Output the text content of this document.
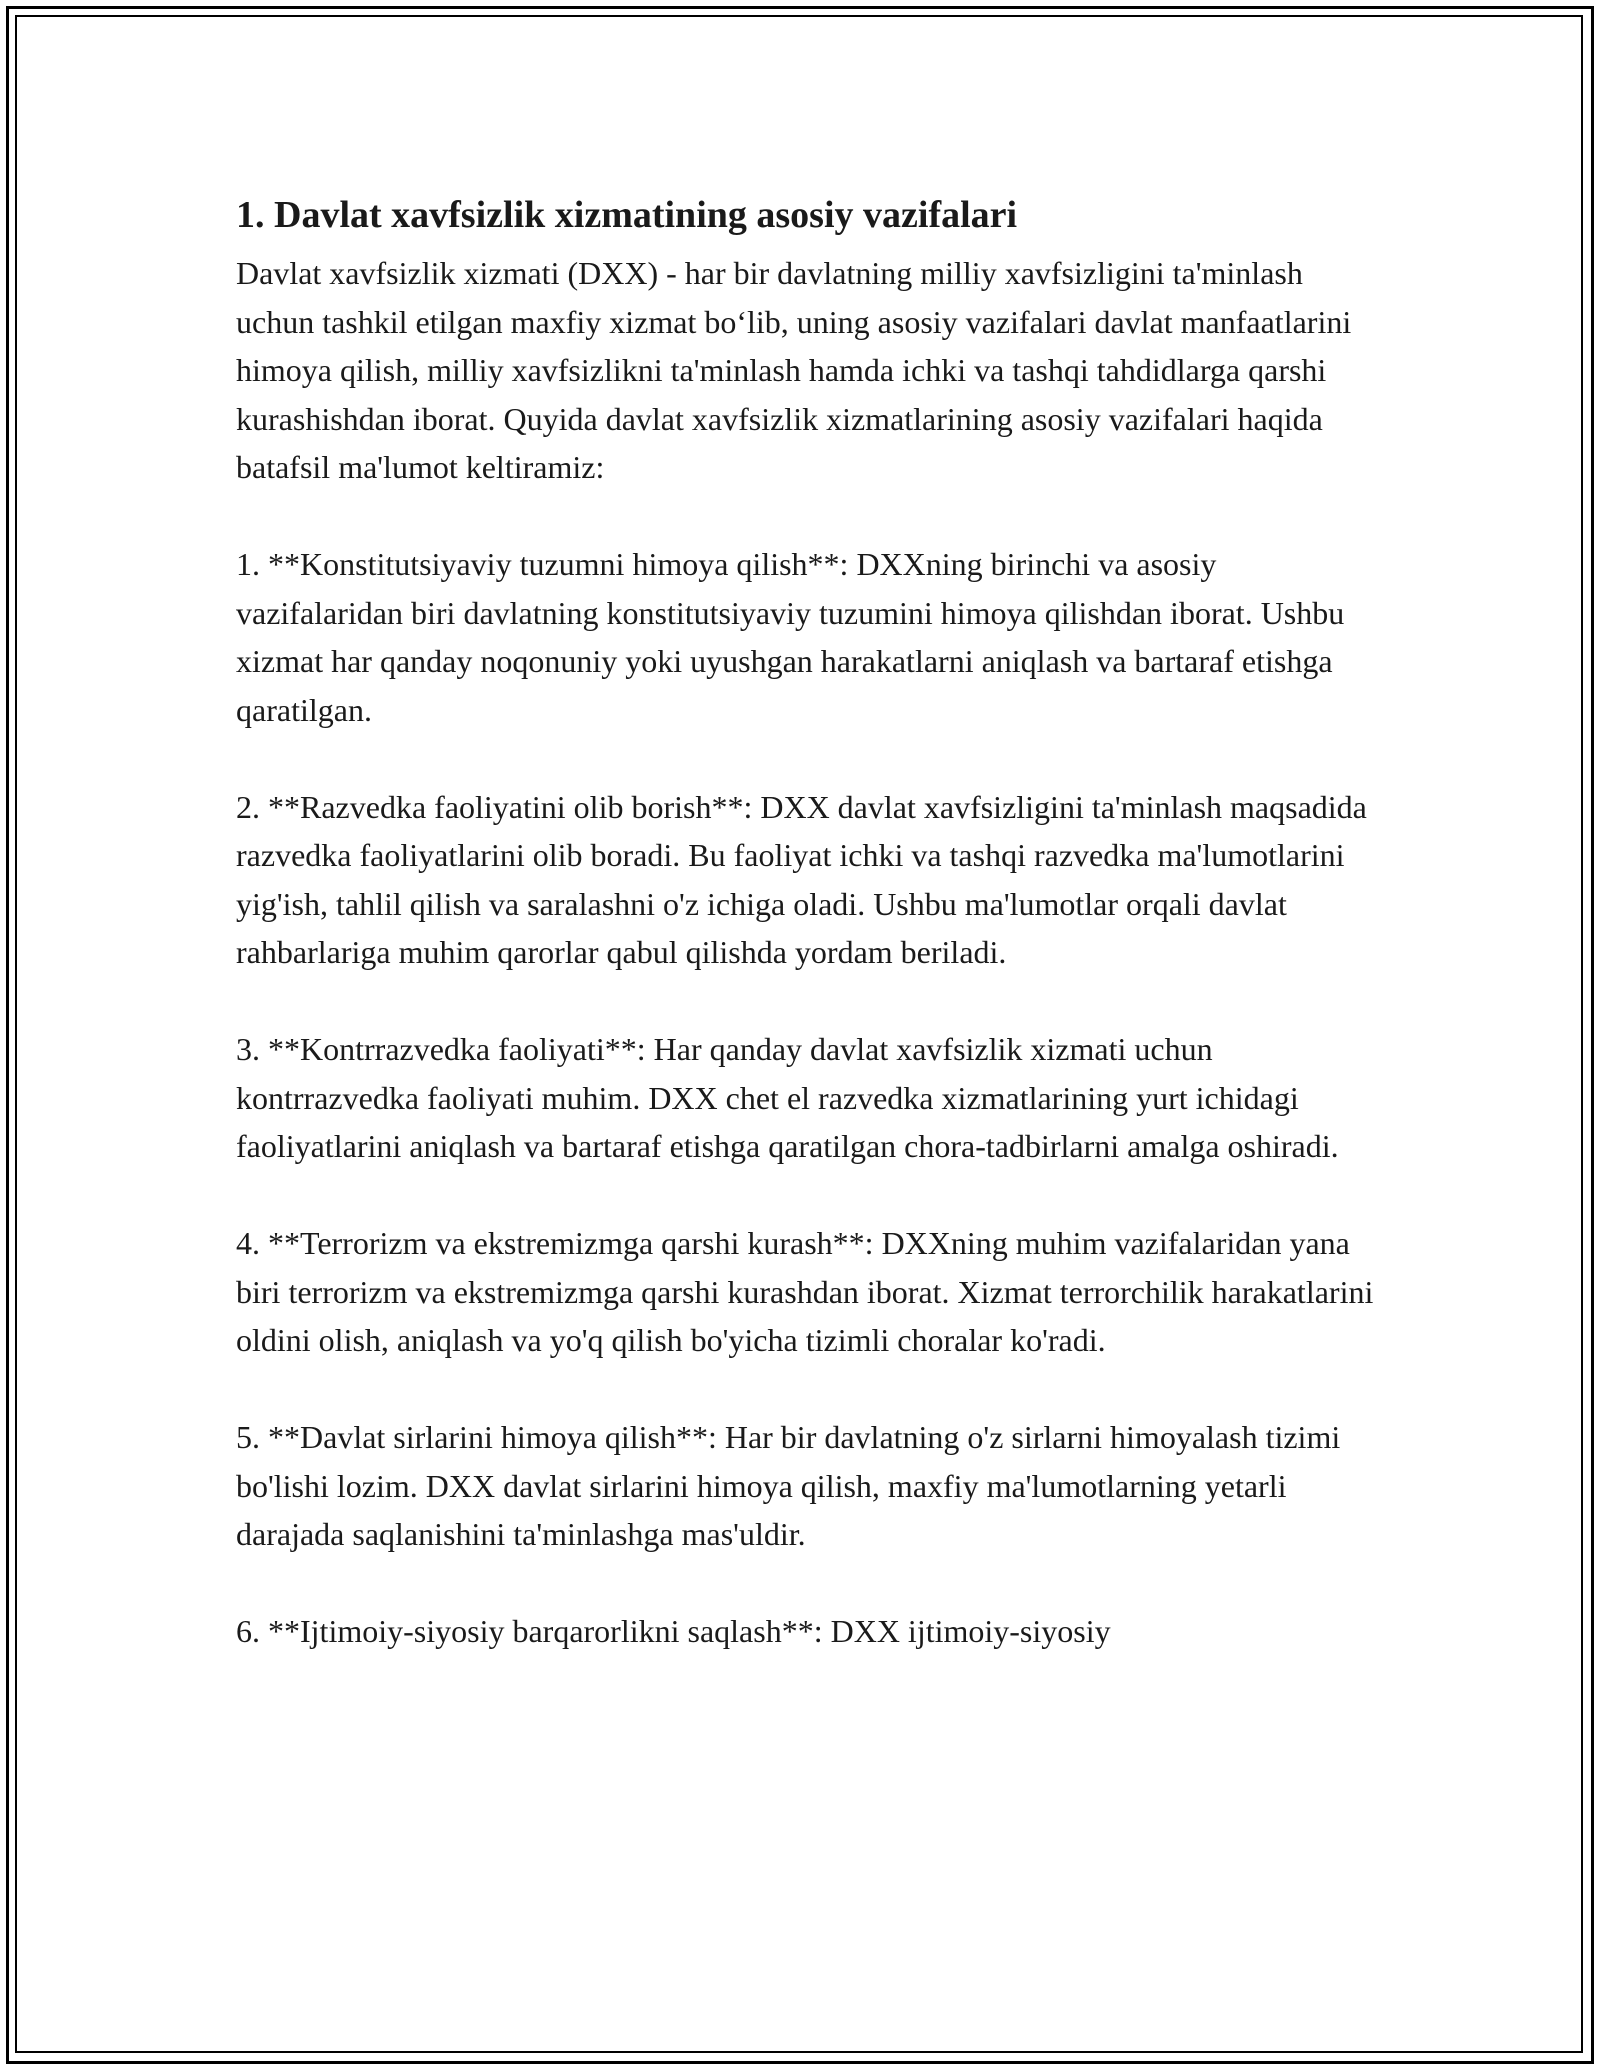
1. Davlat xavfsizlik xizmatining asosiy vazifalari

Davlat xavfsizlik xizmati (DXX) - har bir davlatning milliy xavfsizligini ta'minlash uchun tashkil etilgan maxfiy xizmat bo‘lib, uning asosiy vazifalari davlat manfaatlarini himoya qilish, milliy xavfsizlikni ta'minlash hamda ichki va tashqi tahdidlarga qarshi kurashishdan iborat. Quyida davlat xavfsizlik xizmatlarining asosiy vazifalari haqida batafsil ma'lumot keltiramiz:

1. **Konstitutsiyaviy tuzumni himoya qilish**: DXXning birinchi va asosiy vazifalaridan biri davlatning konstitutsiyaviy tuzumini himoya qilishdan iborat. Ushbu xizmat har qanday noqonuniy yoki uyushgan harakatlarni aniqlash va bartaraf etishga qaratilgan.

2. **Razvedka faoliyatini olib borish**: DXX davlat xavfsizligini ta'minlash maqsadida razvedka faoliyatlarini olib boradi. Bu faoliyat ichki va tashqi razvedka ma'lumotlarini yig'ish, tahlil qilish va saralashni o'z ichiga oladi. Ushbu ma'lumotlar orqali davlat rahbarlariga muhim qarorlar qabul qilishda yordam beriladi.

3. **Kontrrazvedka faoliyati**: Har qanday davlat xavfsizlik xizmati uchun kontrrazvedka faoliyati muhim. DXX chet el razvedka xizmatlarining yurt ichidagi faoliyatlarini aniqlash va bartaraf etishga qaratilgan chora-tadbirlarni amalga oshiradi.

4. **Terrorizm va ekstremizmga qarshi kurash**: DXXning muhim vazifalaridan yana biri terrorizm va ekstremizmga qarshi kurashdan iborat. Xizmat terrorchilik harakatlarini oldini olish, aniqlash va yo'q qilish bo'yicha tizimli choralar ko'radi.

5. **Davlat sirlarini himoya qilish**: Har bir davlatning o'z sirlarni himoyalash tizimi bo'lishi lozim. DXX davlat sirlarini himoya qilish, maxfiy ma'lumotlarning yetarli darajada saqlanishini ta'minlashga mas'uldir.

6. **Ijtimoiy-siyosiy barqarorlikni saqlash**: DXX ijtimoiy-siyosiy
